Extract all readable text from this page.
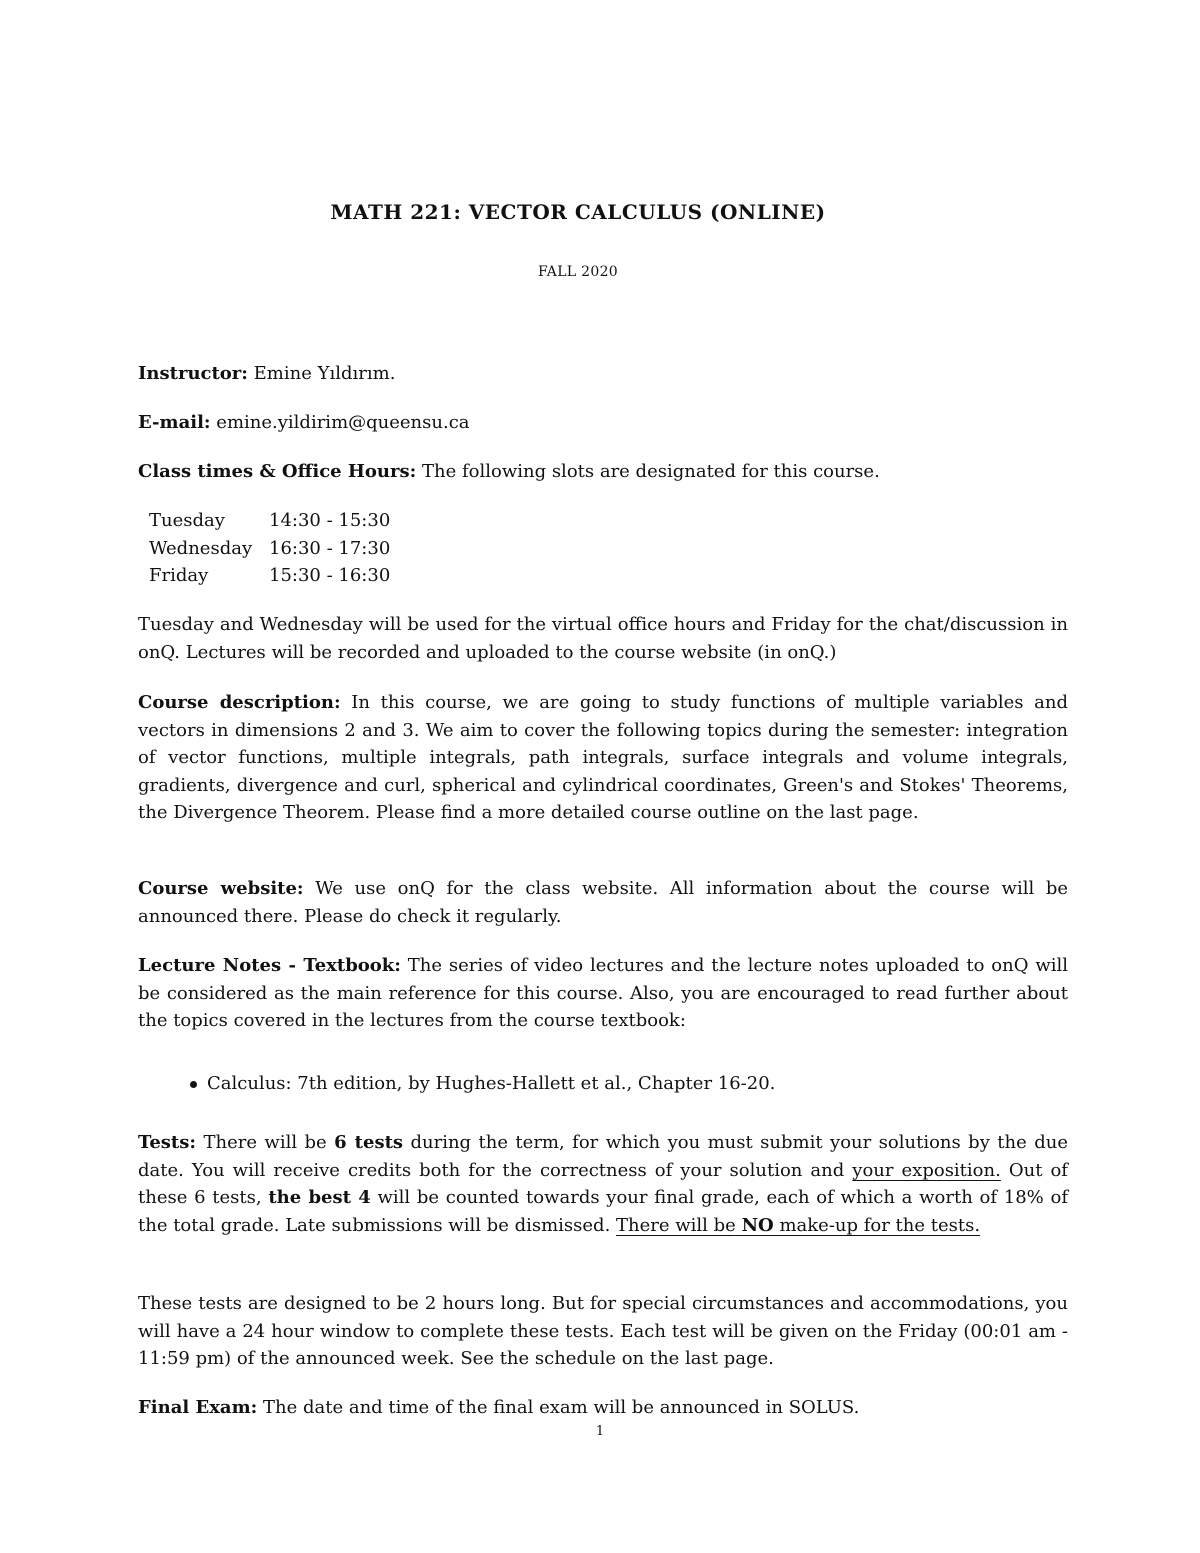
MATH 221: VECTOR CALCULUS (ONLINE)
FALL 2020
Instructor: Emine Yıldırım.
E-mail: emine.yildirim@queensu.ca
Class times & Office Hours: The following slots are designated for this course.
Tuesday	14:30 - 15:30
Wednesday	16:30 - 17:30
Friday	15:30 - 16:30
Tuesday and Wednesday will be used for the virtual office hours and Friday for the chat/discussion in onQ. Lectures will be recorded and uploaded to the course website (in onQ.)
Course description: In this course, we are going to study functions of multiple variables and vectors in dimensions 2 and 3. We aim to cover the following topics during the semester: integration of vector functions, multiple integrals, path integrals, surface integrals and volume integrals, gradients, divergence and curl, spherical and cylindrical coordinates, Green's and Stokes' Theorems, the Divergence Theorem. Please find a more detailed course outline on the last page.
Course website: We use onQ for the class website. All information about the course will be announced there. Please do check it regularly.
Lecture Notes - Textbook: The series of video lectures and the lecture notes uploaded to onQ will be considered as the main reference for this course. Also, you are encouraged to read further about the topics covered in the lectures from the course textbook:
Calculus: 7th edition, by Hughes-Hallett et al., Chapter 16-20.
Tests: There will be 6 tests during the term, for which you must submit your solutions by the due date. You will receive credits both for the correctness of your solution and your exposition. Out of these 6 tests, the best 4 will be counted towards your final grade, each of which a worth of 18% of the total grade. Late submissions will be dismissed. There will be NO make-up for the tests.
These tests are designed to be 2 hours long. But for special circumstances and accommodations, you will have a 24 hour window to complete these tests. Each test will be given on the Friday (00:01 am - 11:59 pm) of the announced week. See the schedule on the last page.
Final Exam: The date and time of the final exam will be announced in SOLUS.
1
